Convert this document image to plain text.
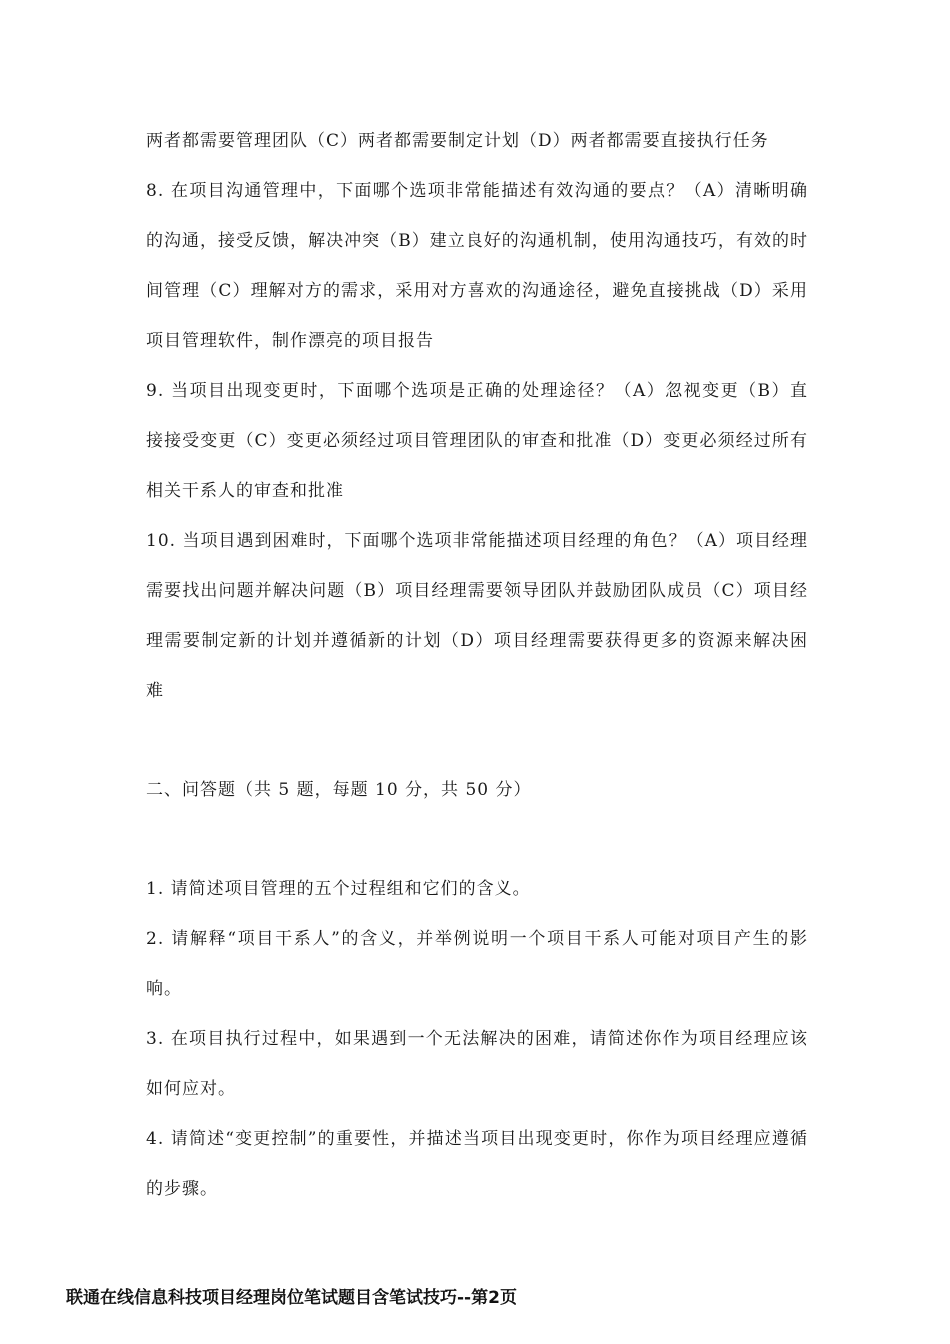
两者都需要管理团队（C）两者都需要制定计划（D）两者都需要直接执行任务

8. 在项目沟通管理中，下面哪个选项非常能描述有效沟通的要点？（A）清晰明确的沟通，接受反馈，解决冲突（B）建立良好的沟通机制，使用沟通技巧，有效的时间管理（C）理解对方的需求，采用对方喜欢的沟通途径，避免直接挑战（D）采用项目管理软件，制作漂亮的项目报告

9. 当项目出现变更时，下面哪个选项是正确的处理途径？（A）忽视变更（B）直接接受变更（C）变更必须经过项目管理团队的审查和批准（D）变更必须经过所有相关干系人的审查和批准

10. 当项目遇到困难时，下面哪个选项非常能描述项目经理的角色？（A）项目经理需要找出问题并解决问题（B）项目经理需要领导团队并鼓励团队成员（C）项目经理需要制定新的计划并遵循新的计划（D）项目经理需要获得更多的资源来解决困难

二、问答题（共 5 题，每题 10 分，共 50 分）

1. 请简述项目管理的五个过程组和它们的含义。

2. 请解释“项目干系人”的含义，并举例说明一个项目干系人可能对项目产生的影响。

3. 在项目执行过程中，如果遇到一个无法解决的困难，请简述你作为项目经理应该如何应对。

4. 请简述“变更控制”的重要性，并描述当项目出现变更时，你作为项目经理应遵循的步骤。

联通在线信息科技项目经理岗位笔试题目含笔试技巧--第2页
